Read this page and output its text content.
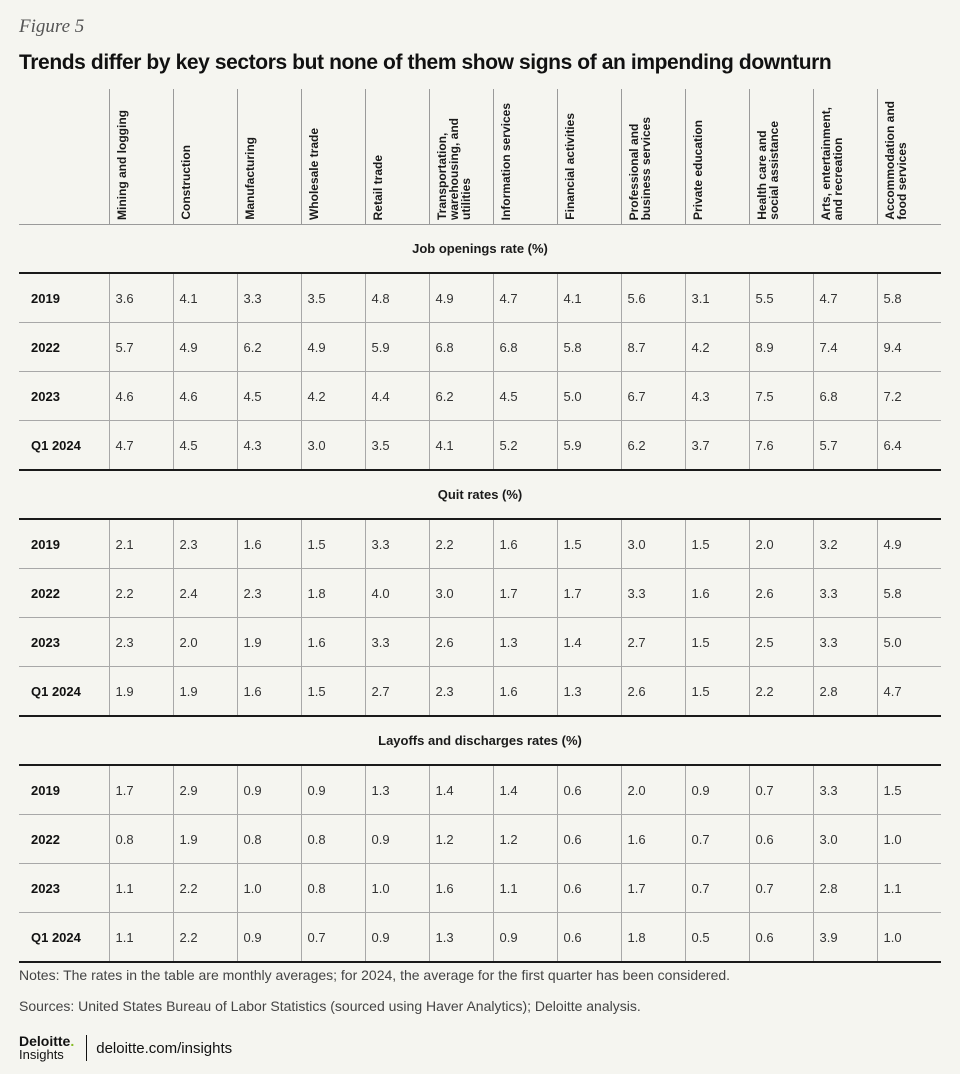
Figure 5
Trends differ by key sectors but none of them show signs of an impending downturn

	Mining and logging	Construction	Manufacturing	Wholesale trade	Retail trade	Transportation,
warehousing, and
utilities	Information services	Financial activities	Professional and
business services	Private education	Health care and
social assistance	Arts, entertainment,
and recreation	Accommodation and
food services

Job openings rate (%)													
2019	3.6	4.1	3.3	3.5	4.8	4.9	4.7	4.1	5.6	3.1	5.5	4.7	5.8
2022	5.7	4.9	6.2	4.9	5.9	6.8	6.8	5.8	8.7	4.2	8.9	7.4	9.4
2023	4.6	4.6	4.5	4.2	4.4	6.2	4.5	5.0	6.7	4.3	7.5	6.8	7.2
Q1 2024	4.7	4.5	4.3	3.0	3.5	4.1	5.2	5.9	6.2	3.7	7.6	5.7	6.4
Quit rates (%)													
2019	2.1	2.3	1.6	1.5	3.3	2.2	1.6	1.5	3.0	1.5	2.0	3.2	4.9
2022	2.2	2.4	2.3	1.8	4.0	3.0	1.7	1.7	3.3	1.6	2.6	3.3	5.8
2023	2.3	2.0	1.9	1.6	3.3	2.6	1.3	1.4	2.7	1.5	2.5	3.3	5.0
Q1 2024	1.9	1.9	1.6	1.5	2.7	2.3	1.6	1.3	2.6	1.5	2.2	2.8	4.7
Layoffs and discharges rates (%)													
2019	1.7	2.9	0.9	0.9	1.3	1.4	1.4	0.6	2.0	0.9	0.7	3.3	1.5
2022	0.8	1.9	0.8	0.8	0.9	1.2	1.2	0.6	1.6	0.7	0.6	3.0	1.0
2023	1.1	2.2	1.0	0.8	1.0	1.6	1.1	0.6	1.7	0.7	0.7	2.8	1.1
Q1 2024	1.1	2.2	0.9	0.7	0.9	1.3	0.9	0.6	1.8	0.5	0.6	3.9	1.0
Notes: The rates in the table are monthly averages; for 2024, the average for the first quarter has been considered.
Sources: United States Bureau of Labor Statistics (sourced using Haver Analytics); Deloitte analysis.
Deloitte.
Insights	deloitte.com/insights
